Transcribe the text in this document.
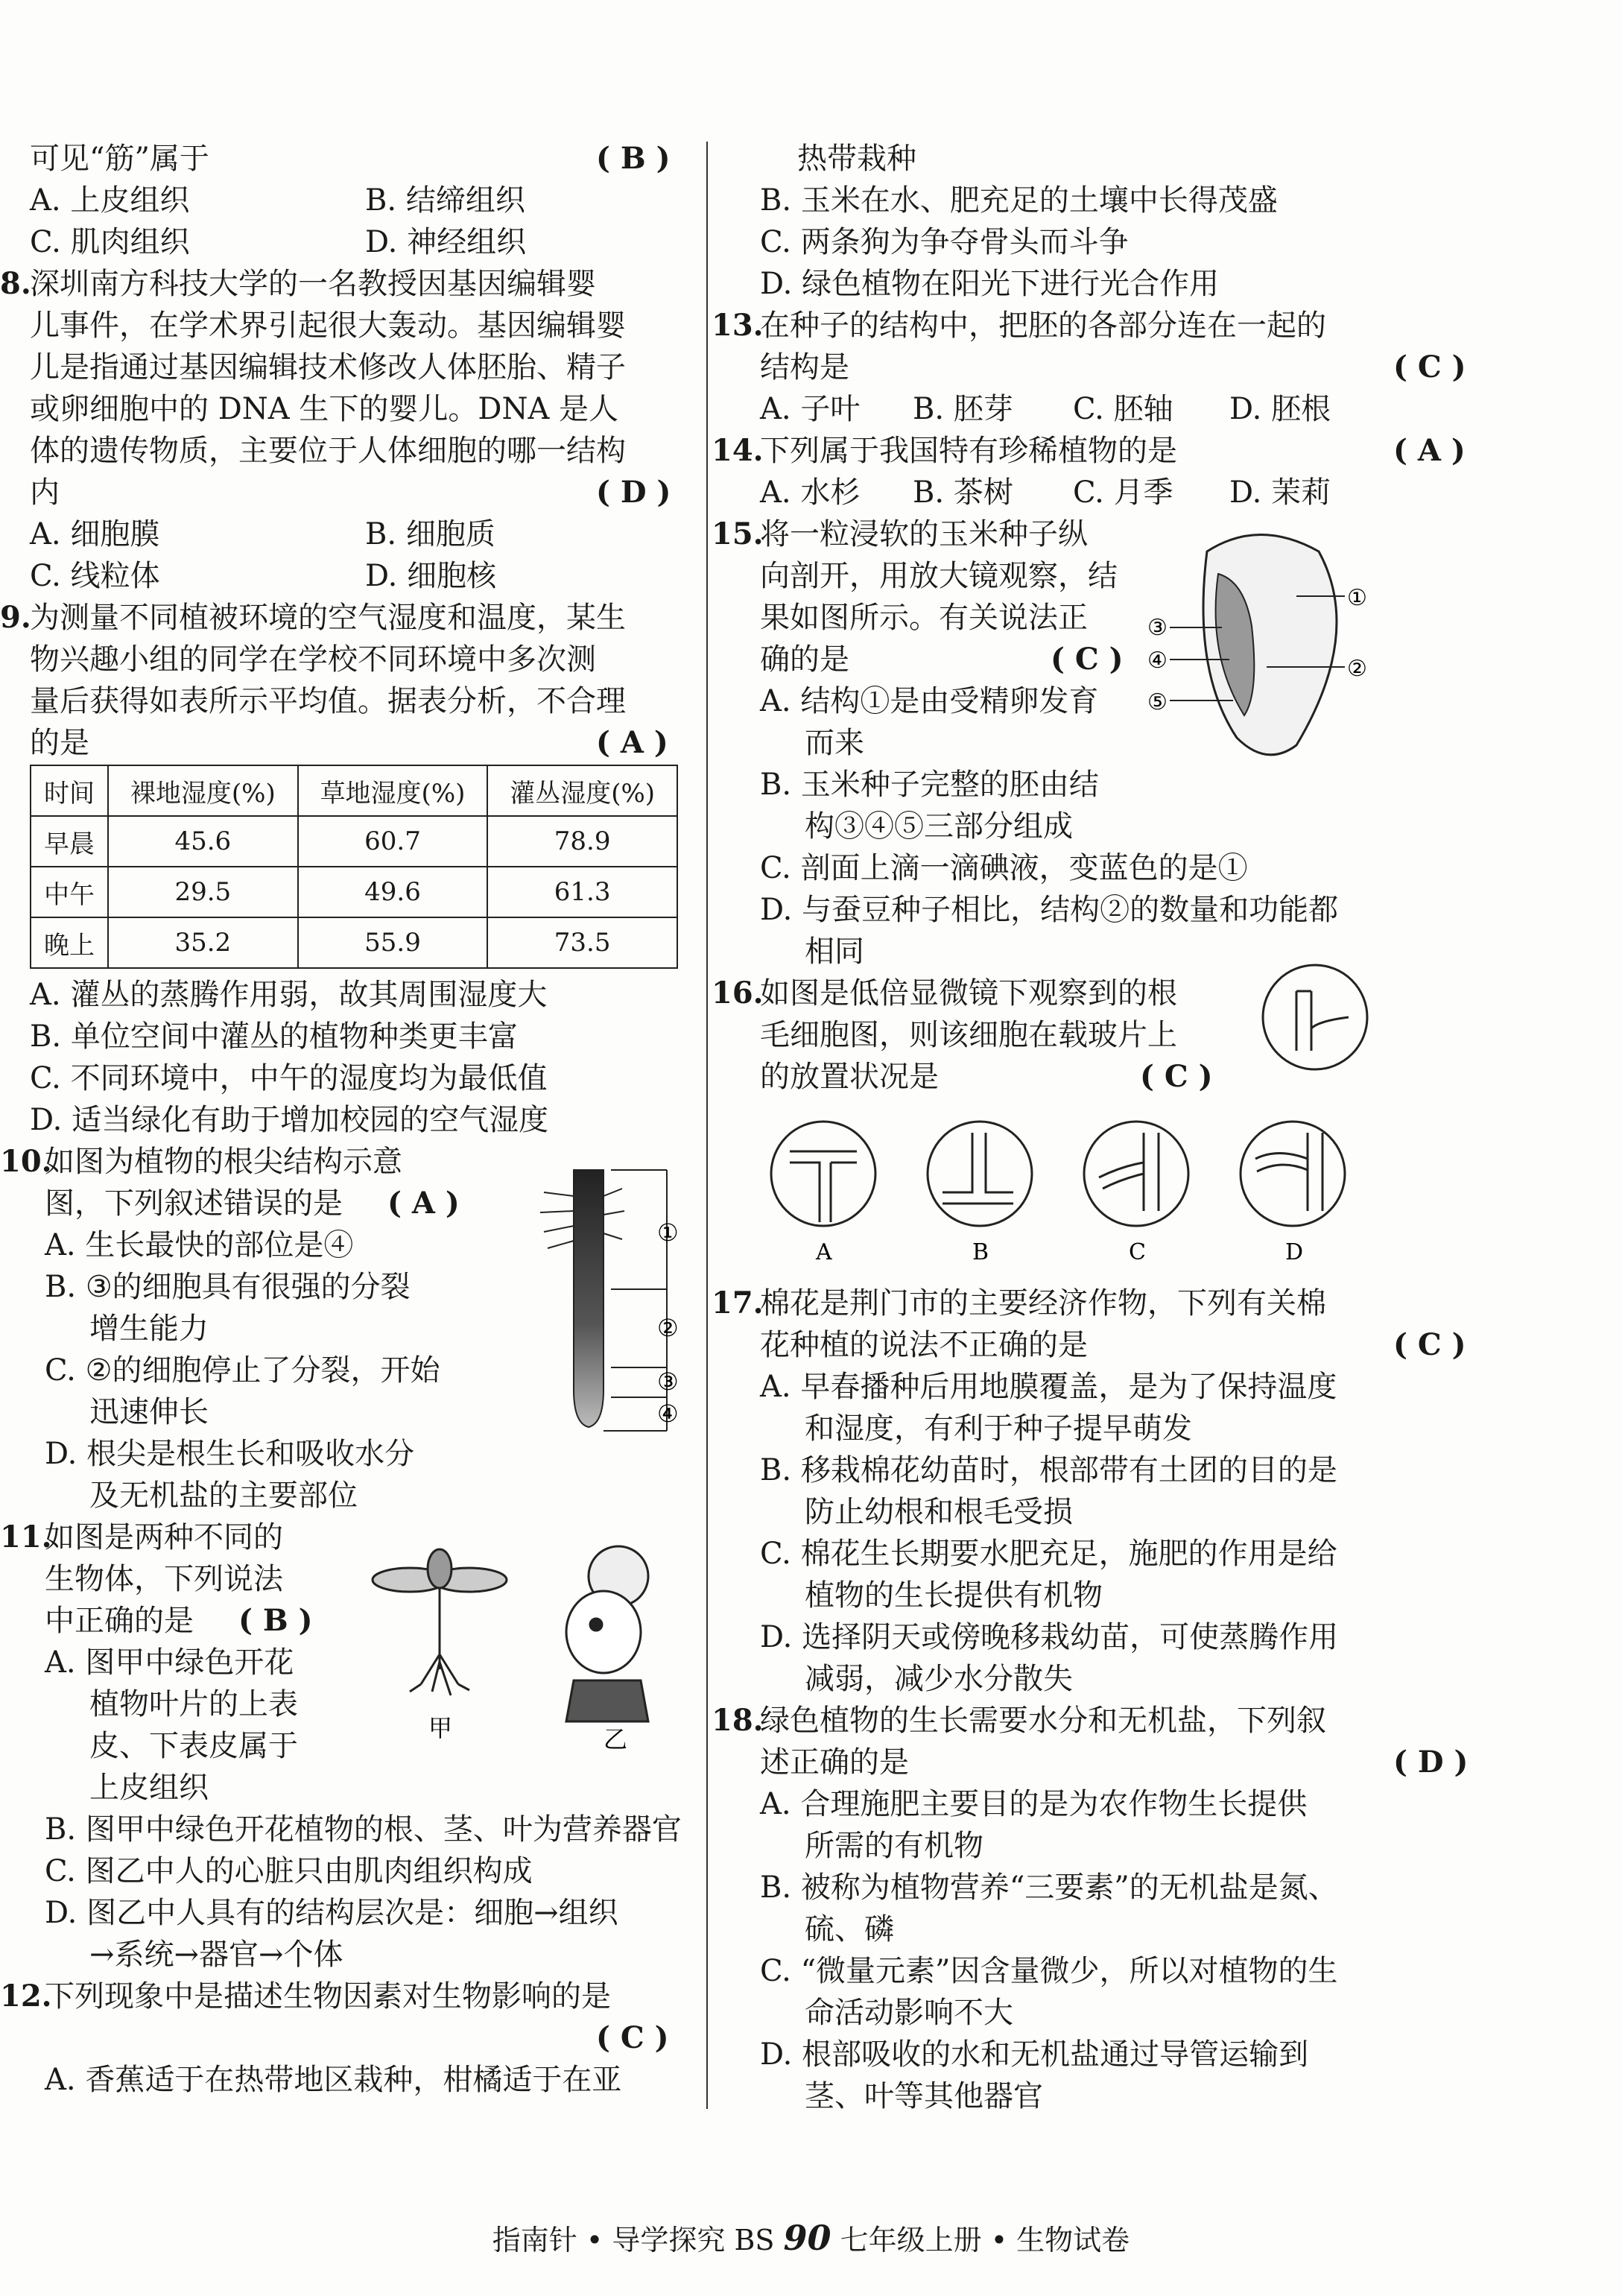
可见“筋”属于	( B )
A. 上皮组织	B. 结缔组织
C. 肌肉组织	D. 神经组织
8.
深圳南方科技大学的一名教授因基因编辑婴
儿事件，在学术界引起很大轰动。基因编辑婴
儿是指通过基因编辑技术修改人体胚胎、精子
或卵细胞中的 DNA 生下的婴儿。DNA 是人
体的遗传物质，主要位于人体细胞的哪一结构
内	( D )
A. 细胞膜	B. 细胞质
C. 线粒体	D. 细胞核
9.
为测量不同植被环境的空气湿度和温度，某生
物兴趣小组的同学在学校不同环境中多次测
量后获得如表所示平均值。据表分析，不合理
的是	( A )
时间	裸地湿度(%)	草地湿度(%)	灌丛湿度(%)
早晨	45.6	60.7	78.9
中午	29.5	49.6	61.3
晚上	35.2	55.9	73.5
A. 灌丛的蒸腾作用弱，故其周围湿度大
B. 单位空间中灌丛的植物种类更丰富
C. 不同环境中，中午的湿度均为最低值
D. 适当绿化有助于增加校园的空气湿度
10.
如图为植物的根尖结构示意
图，下列叙述错误的是 ( A )
A. 生长最快的部位是④
B. ③的细胞具有很强的分裂
增生能力
C. ②的细胞停止了分裂，开始
迅速伸长
D. 根尖是根生长和吸收水分
及无机盐的主要部位
①
②
③
④
11.
如图是两种不同的
生物体，下列说法
中正确的是 ( B )
A. 图甲中绿色开花
植物叶片的上表
皮、下表皮属于
上皮组织
B. 图甲中绿色开花植物的根、茎、叶为营养器官
C. 图乙中人的心脏只由肌肉组织构成
D. 图乙中人具有的结构层次是：细胞→组织
→系统→器官→个体
甲	乙
12.
下列现象中是描述生物因素对生物影响的是
( C )
A. 香蕉适于在热带地区栽种，柑橘适于在亚
热带栽种
B. 玉米在水、肥充足的土壤中长得茂盛
C. 两条狗为争夺骨头而斗争
D. 绿色植物在阳光下进行光合作用
13.
在种子的结构中，把胚的各部分连在一起的
结构是	( C )
A. 子叶 B. 胚芽 C. 胚轴 D. 胚根
14.
下列属于我国特有珍稀植物的是	( A )
A. 水杉 B. 茶树 C. 月季 D. 茉莉
15.
将一粒浸软的玉米种子纵
向剖开，用放大镜观察，结
果如图所示。有关说法正
确的是	( C )
A. 结构①是由受精卵发育
而来
B. 玉米种子完整的胚由结
构③④⑤三部分组成
C. 剖面上滴一滴碘液，变蓝色的是①
D. 与蚕豆种子相比，结构②的数量和功能都
相同
①
②
③
④
⑤
16.
如图是低倍显微镜下观察到的根
毛细胞图，则该细胞在载玻片上
的放置状况是	( C )
A	B	C	D
17.
棉花是荆门市的主要经济作物，下列有关棉
花种植的说法不正确的是	( C )
A. 早春播种后用地膜覆盖，是为了保持温度
和湿度，有利于种子提早萌发
B. 移栽棉花幼苗时，根部带有土团的目的是
防止幼根和根毛受损
C. 棉花生长期要水肥充足，施肥的作用是给
植物的生长提供有机物
D. 选择阴天或傍晚移栽幼苗，可使蒸腾作用
减弱，减少水分散失
18.
绿色植物的生长需要水分和无机盐，下列叙
述正确的是	( D )
A. 合理施肥主要目的是为农作物生长提供
所需的有机物
B. 被称为植物营养“三要素”的无机盐是氮、
硫、磷
C. “微量元素”因含量微少，所以对植物的生
命活动影响不大
D. 根部吸收的水和无机盐通过导管运输到
茎、叶等其他器官
指南针 • 导学探究 BS 90 七年级上册 • 生物试卷
